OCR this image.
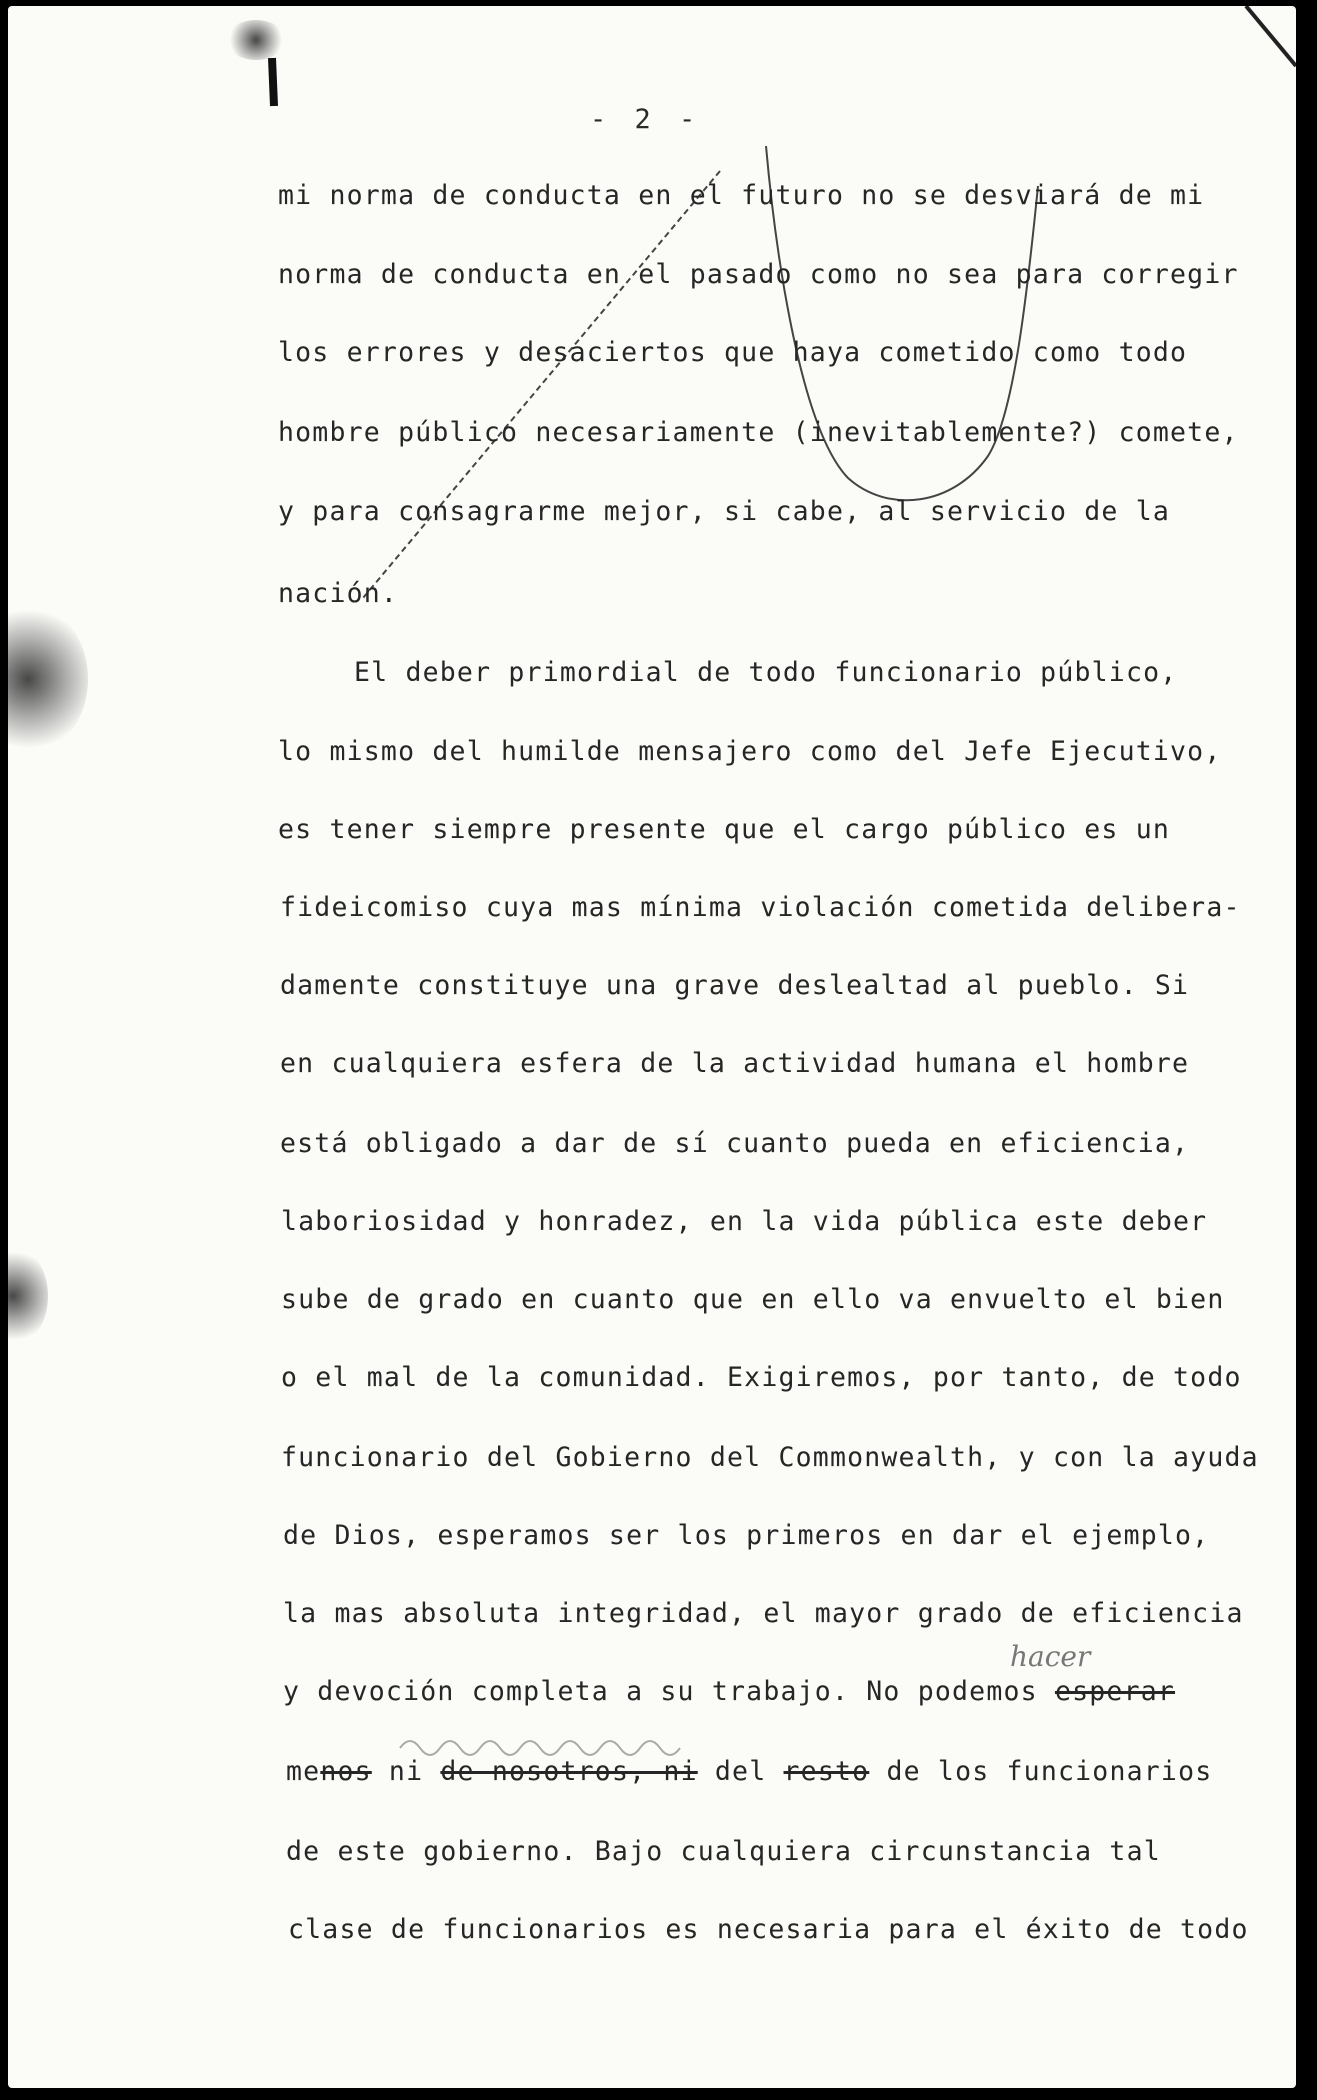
- 2 -
mi norma de conducta en el futuro no se desviará de mi
norma de conducta en el pasado como no sea para corregir
los errores y desaciertos que haya cometido como todo
hombre público necesariamente (inevitablemente?) comete,
y para consagrarme mejor, si cabe, al servicio de la
nación.
El deber primordial de todo funcionario público,
lo mismo del humilde mensajero como del Jefe Ejecutivo,
es tener siempre presente que el cargo público es un
fideicomiso cuya mas mínima violación cometida delibera-
damente constituye una grave deslealtad al pueblo. Si
en cualquiera esfera de la actividad humana el hombre
está obligado a dar de sí cuanto pueda en eficiencia,
laboriosidad y honradez, en la vida pública este deber
sube de grado en cuanto que en ello va envuelto el bien
o el mal de la comunidad. Exigiremos, por tanto, de todo
funcionario del Gobierno del Commonwealth, y con la ayuda
de Dios, esperamos ser los primeros en dar el ejemplo,
la mas absoluta integridad, el mayor grado de eficiencia
y devoción completa a su trabajo. No podemos esperar
hacer
menos ni de nosotros, ni del resto de los funcionarios
de este gobierno. Bajo cualquiera circunstancia tal
clase de funcionarios es necesaria para el éxito de todo
